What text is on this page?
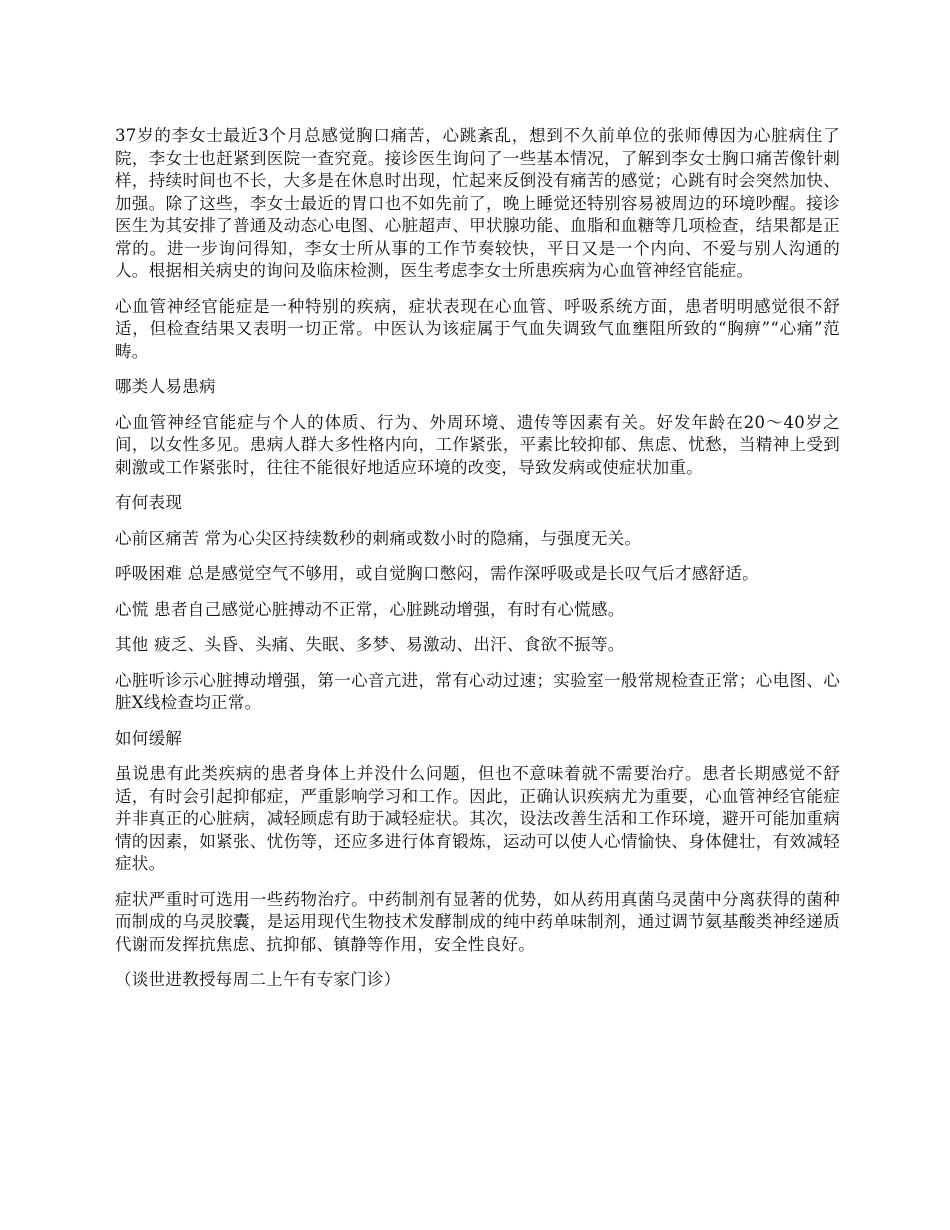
37岁的李女士最近3个月总感觉胸口痛苦，心跳紊乱，想到不久前单位的张师傅因为心脏病住了院，李女士也赶紧到医院一查究竟。接诊医生询问了一些基本情况，了解到李女士胸口痛苦像针刺样，持续时间也不长，大多是在休息时出现，忙起来反倒没有痛苦的感觉；心跳有时会突然加快、加强。除了这些，李女士最近的胃口也不如先前了，晚上睡觉还特别容易被周边的环境吵醒。接诊医生为其安排了普通及动态心电图、心脏超声、甲状腺功能、血脂和血糖等几项检查，结果都是正常的。进一步询问得知，李女士所从事的工作节奏较快，平日又是一个内向、不爱与别人沟通的人。根据相关病史的询问及临床检测，医生考虑李女士所患疾病为心血管神经官能症。

心血管神经官能症是一种特别的疾病，症状表现在心血管、呼吸系统方面，患者明明感觉很不舒适，但检查结果又表明一切正常。中医认为该症属于气血失调致气血壅阻所致的“胸痹”“心痛”范畴。

哪类人易患病

心血管神经官能症与个人的体质、行为、外周环境、遗传等因素有关。好发年龄在20～40岁之间，以女性多见。患病人群大多性格内向，工作紧张，平素比较抑郁、焦虑、忧愁，当精神上受到刺激或工作紧张时，往往不能很好地适应环境的改变，导致发病或使症状加重。

有何表现

心前区痛苦 常为心尖区持续数秒的刺痛或数小时的隐痛，与强度无关。

呼吸困难 总是感觉空气不够用，或自觉胸口憋闷，需作深呼吸或是长叹气后才感舒适。

心慌 患者自己感觉心脏搏动不正常，心脏跳动增强，有时有心慌感。

其他 疲乏、头昏、头痛、失眠、多梦、易激动、出汗、食欲不振等。

心脏听诊示心脏搏动增强，第一心音亢进，常有心动过速；实验室一般常规检查正常；心电图、心脏X线检查均正常。

如何缓解

虽说患有此类疾病的患者身体上并没什么问题，但也不意味着就不需要治疗。患者长期感觉不舒适，有时会引起抑郁症，严重影响学习和工作。因此，正确认识疾病尤为重要，心血管神经官能症并非真正的心脏病，减轻顾虑有助于减轻症状。其次，设法改善生活和工作环境，避开可能加重病情的因素，如紧张、忧伤等，还应多进行体育锻炼，运动可以使人心情愉快、身体健壮，有效减轻症状。

症状严重时可选用一些药物治疗。中药制剂有显著的优势，如从药用真菌乌灵菌中分离获得的菌种而制成的乌灵胶囊，是运用现代生物技术发酵制成的纯中药单味制剂，通过调节氨基酸类神经递质代谢而发挥抗焦虑、抗抑郁、镇静等作用，安全性良好。

（谈世进教授每周二上午有专家门诊）
